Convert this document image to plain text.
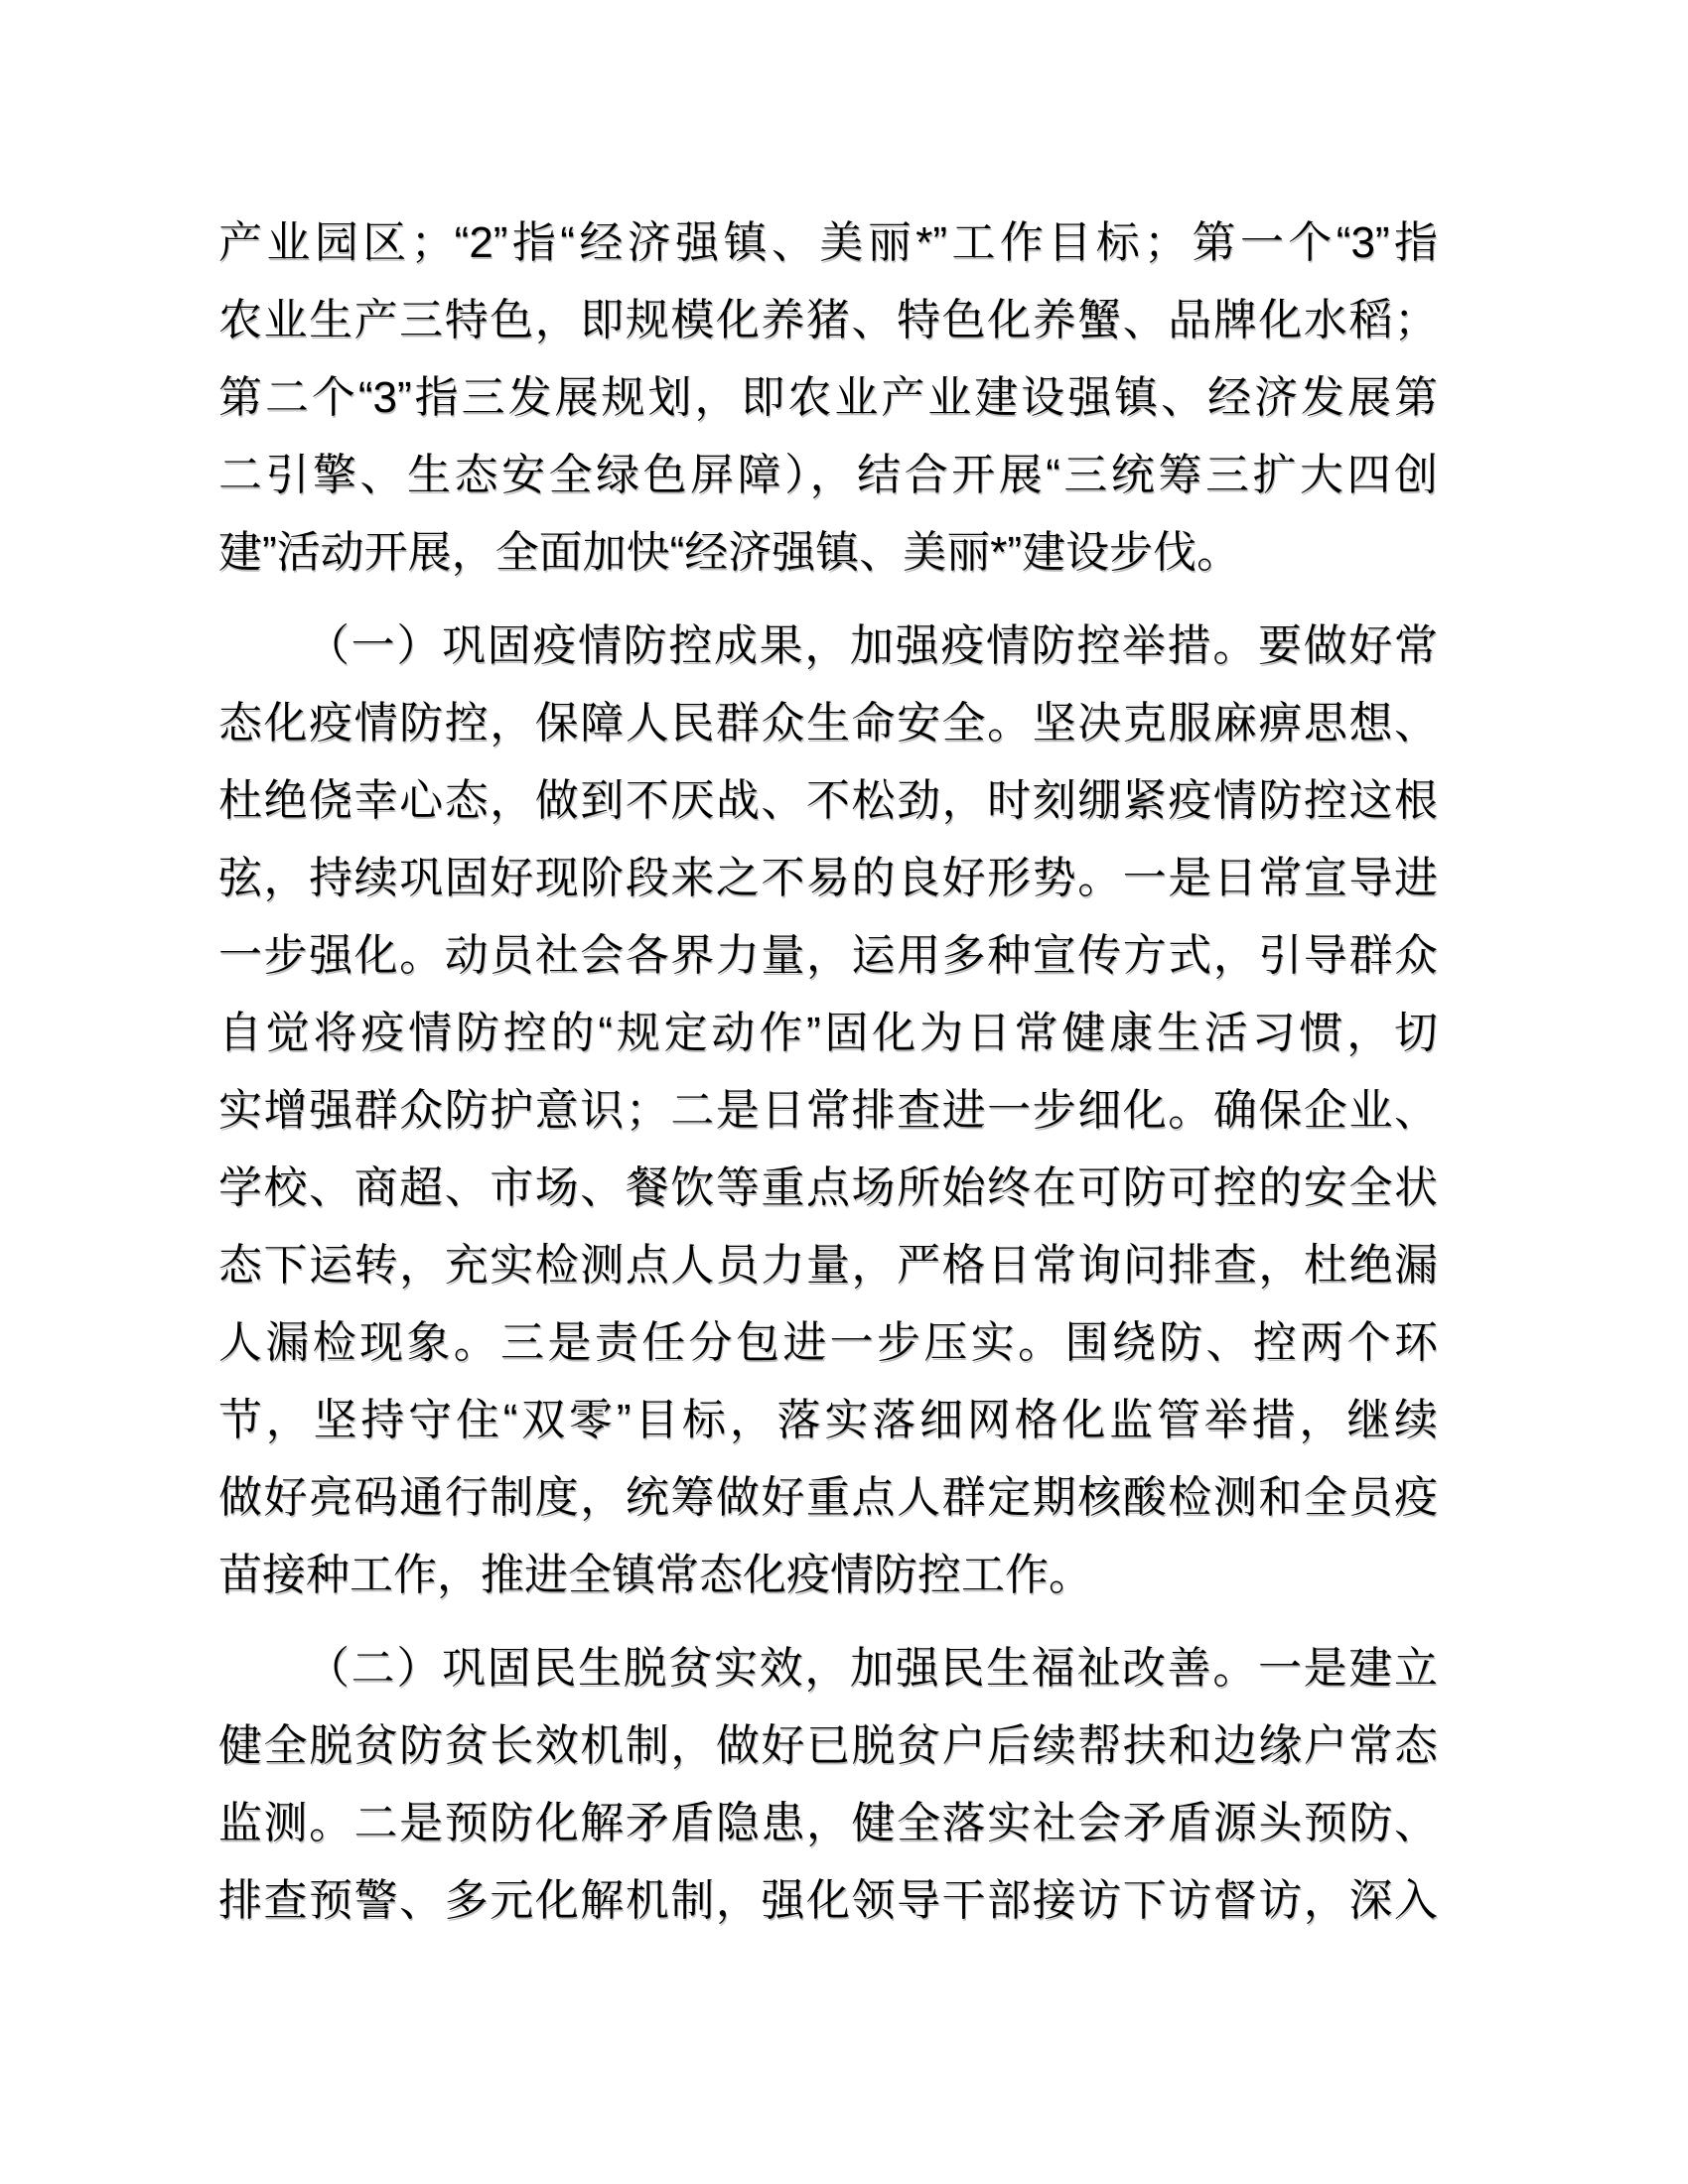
产业园区；“2”指“经济强镇、美丽*”工作目标；第一个“3”指
农业生产三特色，即规模化养猪、特色化养蟹、品牌化水稻；
第二个“3”指三发展规划，即农业产业建设强镇、经济发展第
二引擎、生态安全绿色屏障），结合开展“三统筹三扩大四创
建”活动开展，全面加快“经济强镇、美丽*”建设步伐。
（一）巩固疫情防控成果，加强疫情防控举措。要做好常
态化疫情防控，保障人民群众生命安全。坚决克服麻痹思想、
杜绝侥幸心态，做到不厌战、不松劲，时刻绷紧疫情防控这根
弦，持续巩固好现阶段来之不易的良好形势。一是日常宣导进
一步强化。动员社会各界力量，运用多种宣传方式，引导群众
自觉将疫情防控的“规定动作”固化为日常健康生活习惯，切
实增强群众防护意识；二是日常排查进一步细化。确保企业、
学校、商超、市场、餐饮等重点场所始终在可防可控的安全状
态下运转，充实检测点人员力量，严格日常询问排查，杜绝漏
人漏检现象。三是责任分包进一步压实。围绕防、控两个环
节，坚持守住“双零”目标，落实落细网格化监管举措，继续
做好亮码通行制度，统筹做好重点人群定期核酸检测和全员疫
苗接种工作，推进全镇常态化疫情防控工作。
（二）巩固民生脱贫实效，加强民生福祉改善。一是建立
健全脱贫防贫长效机制，做好已脱贫户后续帮扶和边缘户常态
监测。二是预防化解矛盾隐患，健全落实社会矛盾源头预防、
排查预警、多元化解机制，强化领导干部接访下访督访，深入
